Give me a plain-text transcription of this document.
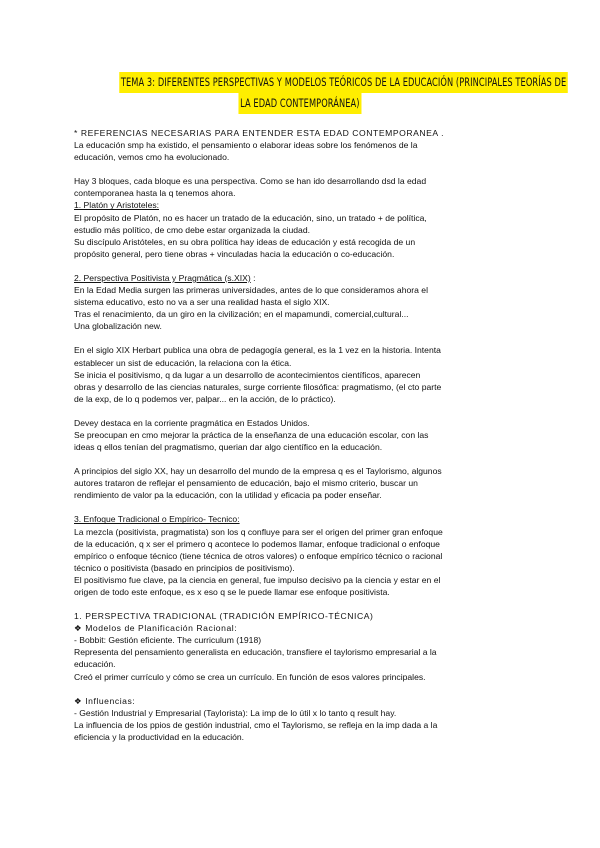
TEMA 3: DIFERENTES PERSPECTIVAS Y MODELOS TEÓRICOS DE LA EDUCACIÓN (PRINCIPALES TEORÍAS DE
LA EDAD CONTEMPORÁNEA)

* REFERENCIAS NECESARIAS PARA ENTENDER ESTA EDAD CONTEMPORANEA .

La educación smp ha existido, el pensamiento o elaborar ideas sobre los fenómenos de la

educación, vemos cmo ha evolucionado.

Hay 3 bloques, cada bloque es una perspectiva. Como se han ido desarrollando dsd la edad

contemporanea hasta la q tenemos ahora.

1. Platón y Aristoteles:

El propósito de Platón, no es hacer un tratado de la educación, sino, un tratado + de política,

estudio más político, de cmo debe estar organizada la ciudad.

Su discípulo Aristóteles, en su obra política hay ideas de educación y está recogida de un

propósito general, pero tiene obras + vinculadas hacia la educación o co-educación.

2. Perspectiva Positivista y Pragmática (s.XIX) :

En la Edad Media surgen las primeras universidades, antes de lo que consideramos ahora el

sistema educativo, esto no va a ser una realidad hasta el siglo XIX.

Tras el renacimiento, da un giro en la civilización; en el mapamundi, comercial,cultural...

Una globalización new.

En el siglo XIX Herbart publica una obra de pedagogía general, es la 1 vez en la historia. Intenta

establecer un sist de educación, la relaciona con la ética.

Se inicia el positivismo, q da lugar a un desarrollo de acontecimientos científicos, aparecen

obras y desarrollo de las ciencias naturales, surge corriente filosófica: pragmatismo, (el cto parte

de la exp, de lo q podemos ver, palpar... en la acción, de lo práctico).

Devey destaca en la corriente pragmática en Estados Unidos.

Se preocupan en cmo mejorar la práctica de la enseñanza de una educación escolar, con las

ideas q ellos tenían del pragmatismo, querian dar algo científico en la educación.

A principios del siglo XX, hay un desarrollo del mundo de la empresa q es el Taylorismo, algunos

autores trataron de reflejar el pensamiento de educación, bajo el mismo criterio, buscar un

rendimiento de valor pa la educación, con la utilidad y eficacia pa poder enseñar.

3. Enfoque Tradicional o Empírico- Tecnico:

La mezcla (positivista, pragmatista) son los q confluye para ser el origen del primer gran enfoque

de la educación, q x ser el primero q acontece lo podemos llamar, enfoque tradicional o enfoque

empírico o enfoque técnico (tiene técnica de otros valores) o enfoque empírico técnico o racional

técnico o positivista (basado en principios de positivismo).

El positivismo fue clave, pa la ciencia en general, fue impulso decisivo pa la ciencia y estar en el

origen de todo este enfoque, es x eso q se le puede llamar ese enfoque positivista.

1. PERSPECTIVA TRADICIONAL (TRADICIÓN EMPÍRICO-TÉCNICA)

❖ Modelos de Planificación Racional:

- Bobbit: Gestión eficiente. The curriculum (1918)

Representa del pensamiento generalista en educación, transfiere el taylorismo empresarial a la

educación.

Creó el primer currículo y cómo se crea un currículo. En función de esos valores principales.

❖ Influencias:

- Gestión Industrial y Empresarial (Taylorista): La imp de lo útil x lo tanto q result hay.

La influencia de los ppios de gestión industrial, cmo el Taylorismo, se refleja en la imp dada a la

eficiencia y la productividad en la educación.
